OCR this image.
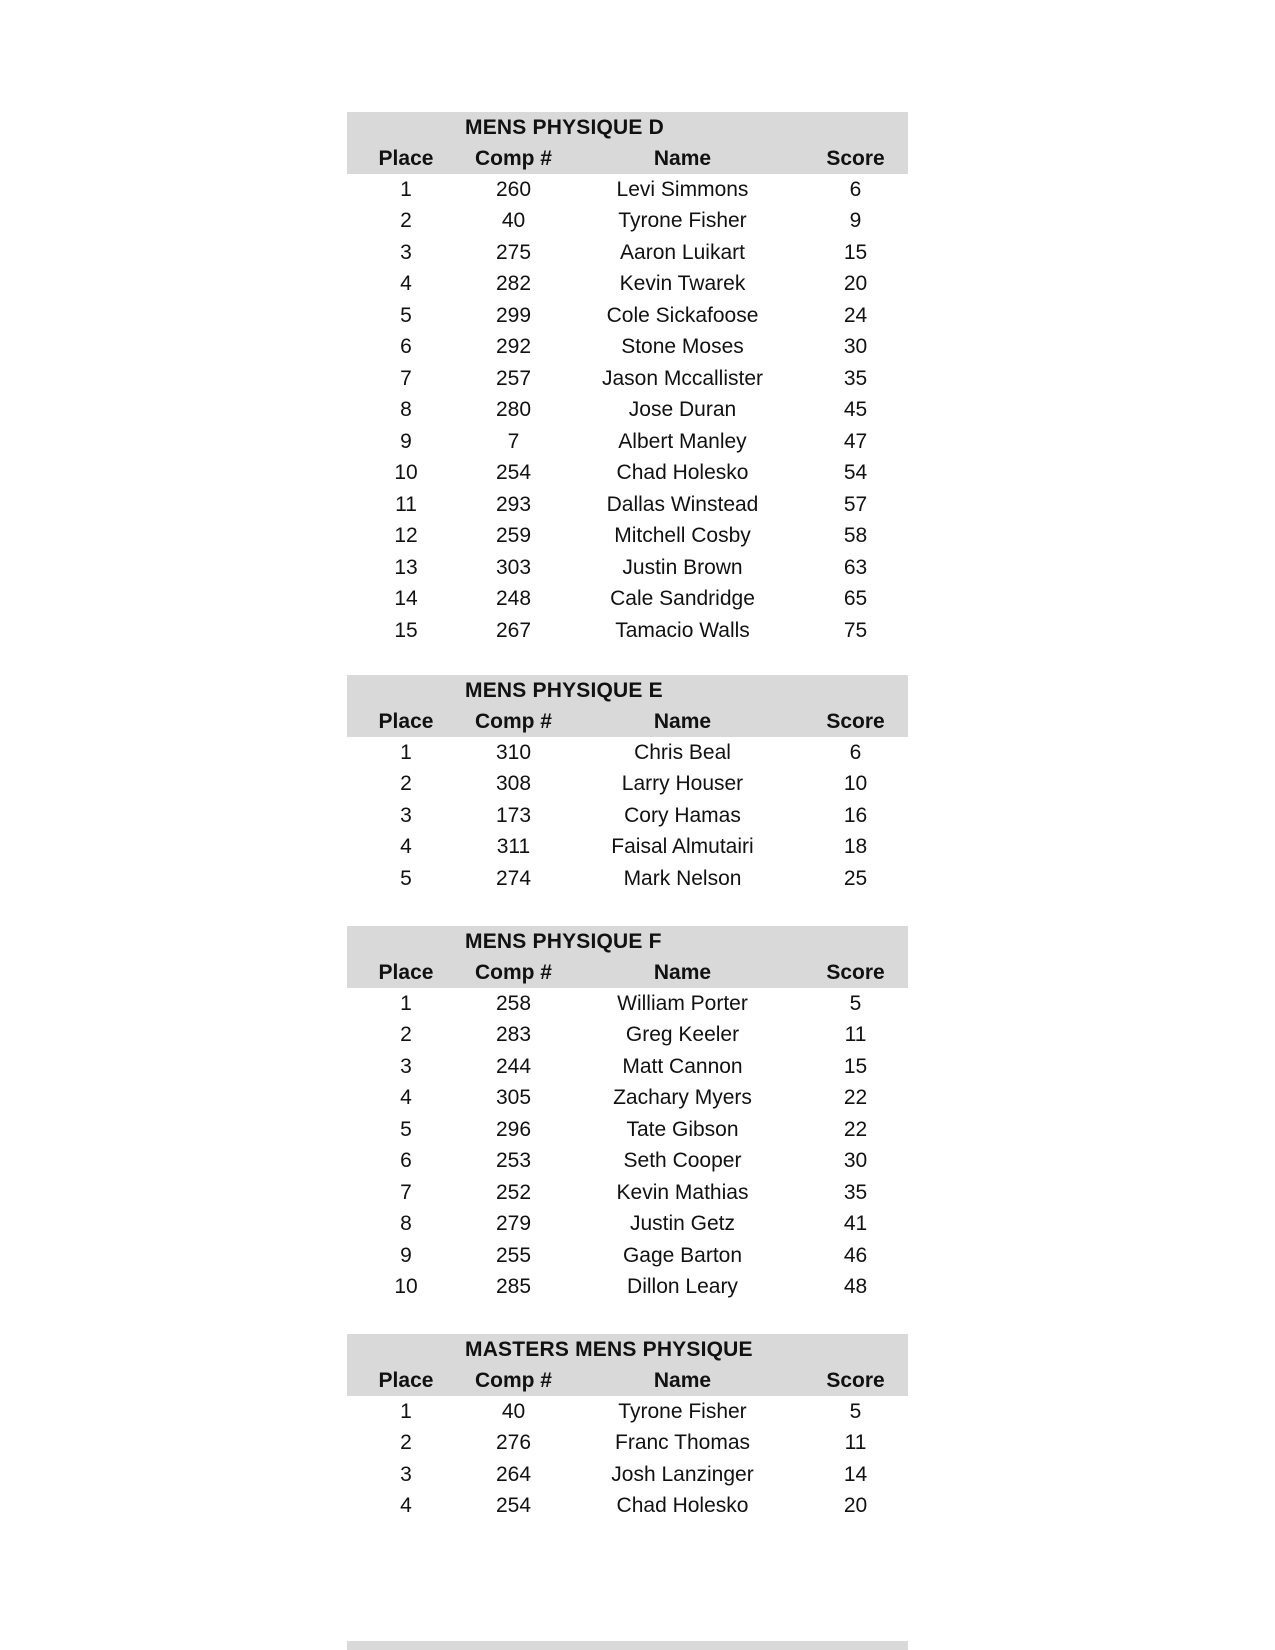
MENS PHYSIQUE D
Place	Comp #	Name	Score
1	260	Levi Simmons	6
2	40	Tyrone Fisher	9
3	275	Aaron Luikart	15
4	282	Kevin Twarek	20
5	299	Cole Sickafoose	24
6	292	Stone Moses	30
7	257	Jason Mccallister	35
8	280	Jose Duran	45
9	7	Albert Manley	47
10	254	Chad Holesko	54
11	293	Dallas Winstead	57
12	259	Mitchell Cosby	58
13	303	Justin Brown	63
14	248	Cale Sandridge	65
15	267	Tamacio Walls	75
MENS PHYSIQUE E
Place	Comp #	Name	Score
1	310	Chris Beal	6
2	308	Larry Houser	10
3	173	Cory Hamas	16
4	311	Faisal Almutairi	18
5	274	Mark Nelson	25
MENS PHYSIQUE F
Place	Comp #	Name	Score
1	258	William Porter	5
2	283	Greg Keeler	11
3	244	Matt Cannon	15
4	305	Zachary Myers	22
5	296	Tate Gibson	22
6	253	Seth Cooper	30
7	252	Kevin Mathias	35
8	279	Justin Getz	41
9	255	Gage Barton	46
10	285	Dillon Leary	48
MASTERS MENS PHYSIQUE
Place	Comp #	Name	Score
1	40	Tyrone Fisher	5
2	276	Franc Thomas	11
3	264	Josh Lanzinger	14
4	254	Chad Holesko	20
